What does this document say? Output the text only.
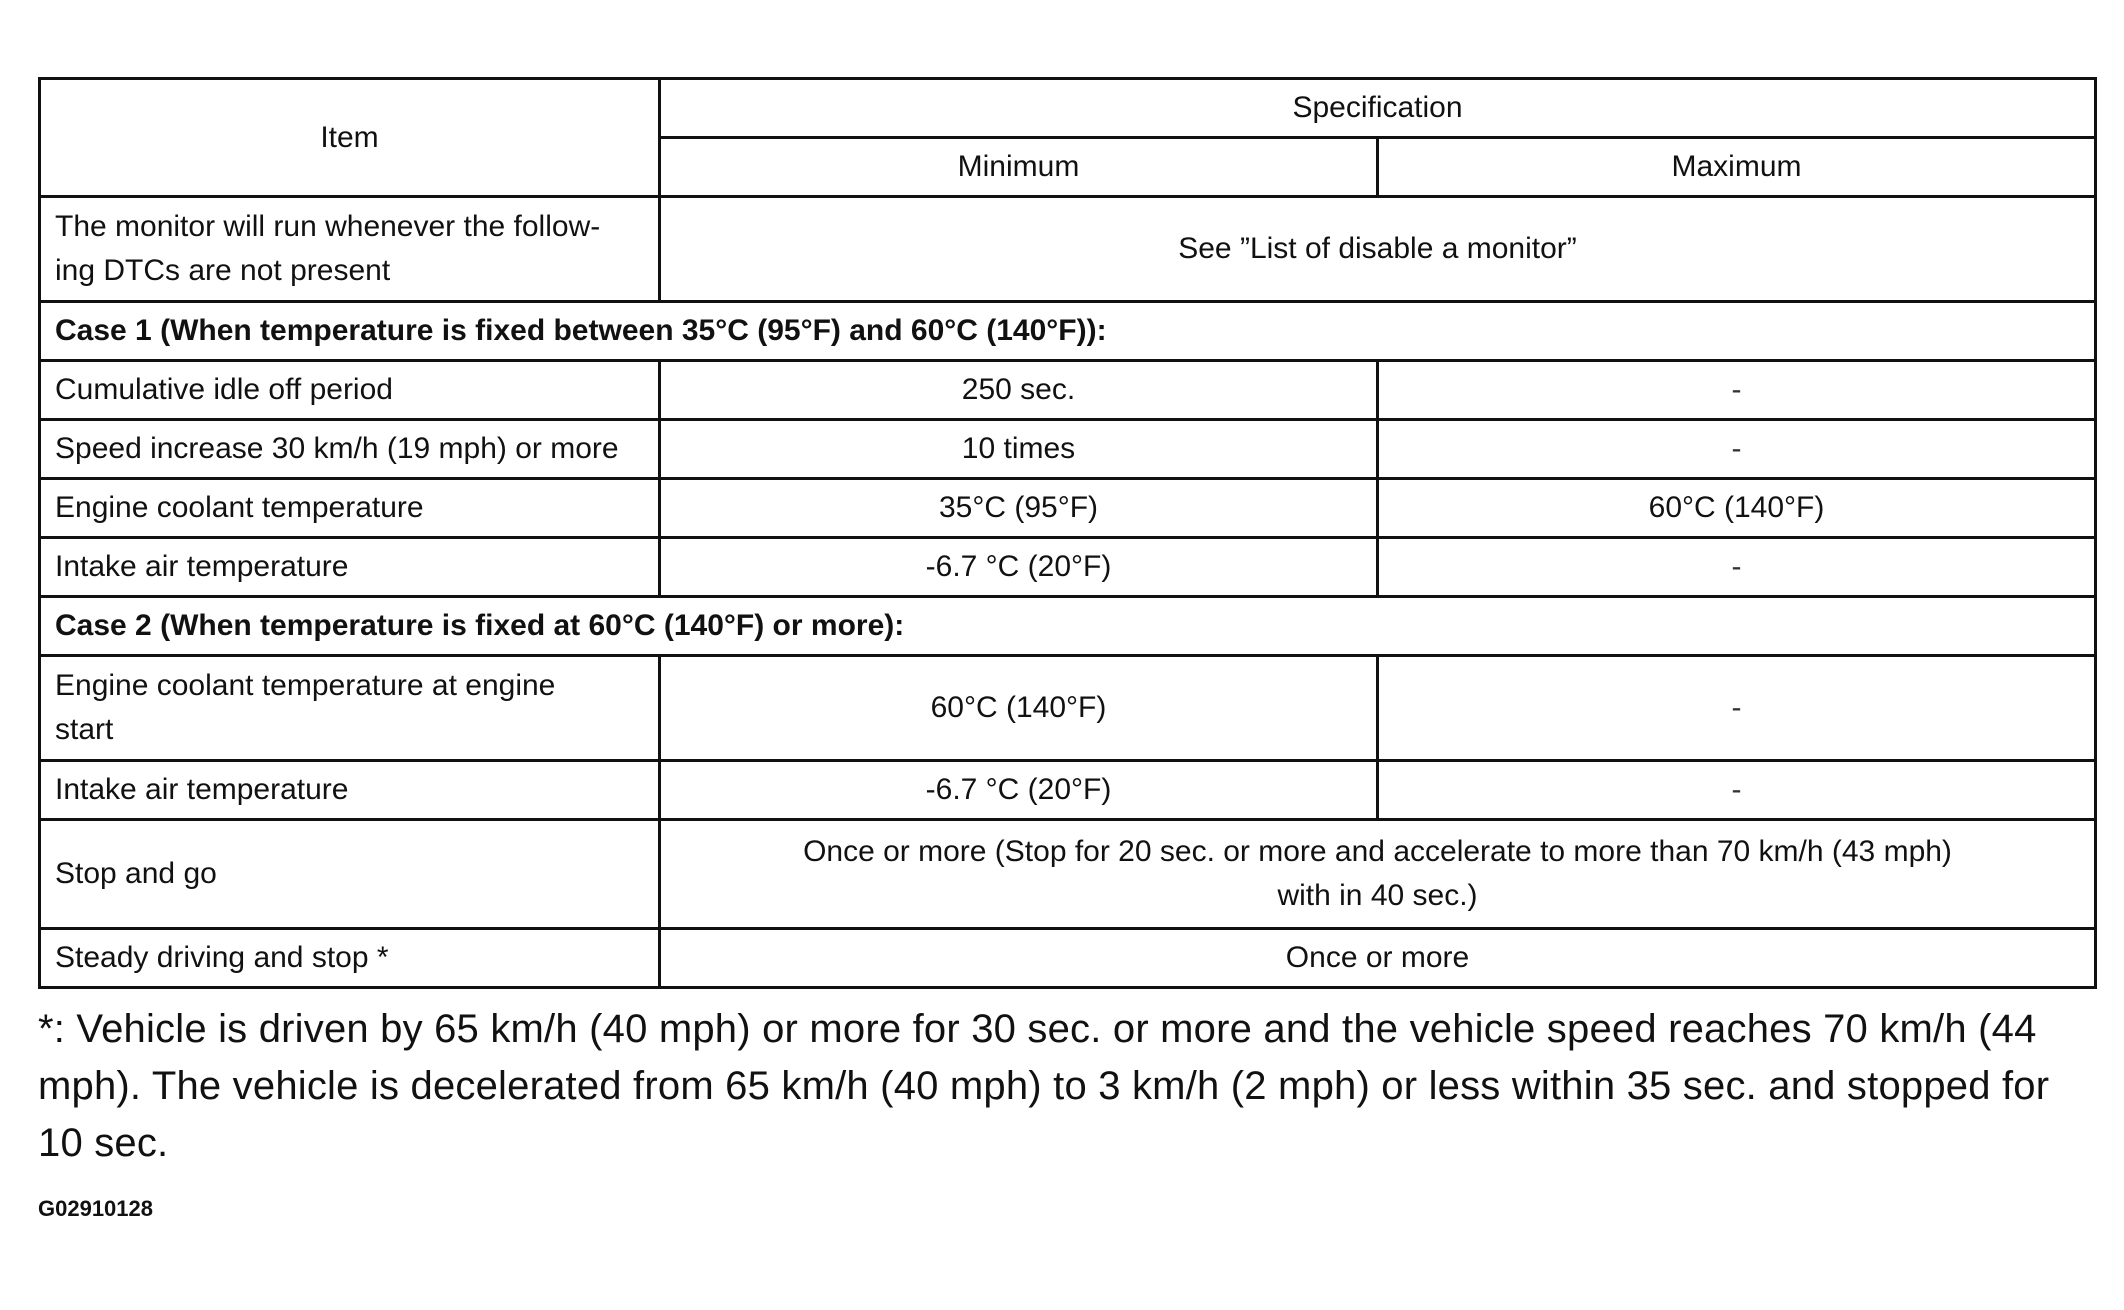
Item	Specification	
	Minimum	Maximum
The monitor will run whenever the follow-
ing DTCs are not present	See ”List of disable a monitor”	
Case 1 (When temperature is fixed between 35°C (95°F) and 60°C (140°F)):		
Cumulative idle off period	250 sec.	-
Speed increase 30 km/h (19 mph) or more	10 times	-
Engine coolant temperature	35°C (95°F)	60°C (140°F)
Intake air temperature	-6.7 °C (20°F)	-
Case 2 (When temperature is fixed at 60°C (140°F) or more):		
Engine coolant temperature at engine
start	60°C (140°F)	-
Intake air temperature	-6.7 °C (20°F)	-
Stop and go	Once or more (Stop for 20 sec. or more and accelerate to more than 70 km/h (43 mph)
with in 40 sec.)	
Steady driving and stop *	Once or more	
*: Vehicle is driven by 65 km/h (40 mph) or more for 30 sec. or more and the vehicle speed reaches 70 km/h (44 mph). The vehicle is decelerated from 65 km/h (40 mph) to 3 km/h (2 mph) or less within 35 sec. and stopped for 10 sec.
G02910128
